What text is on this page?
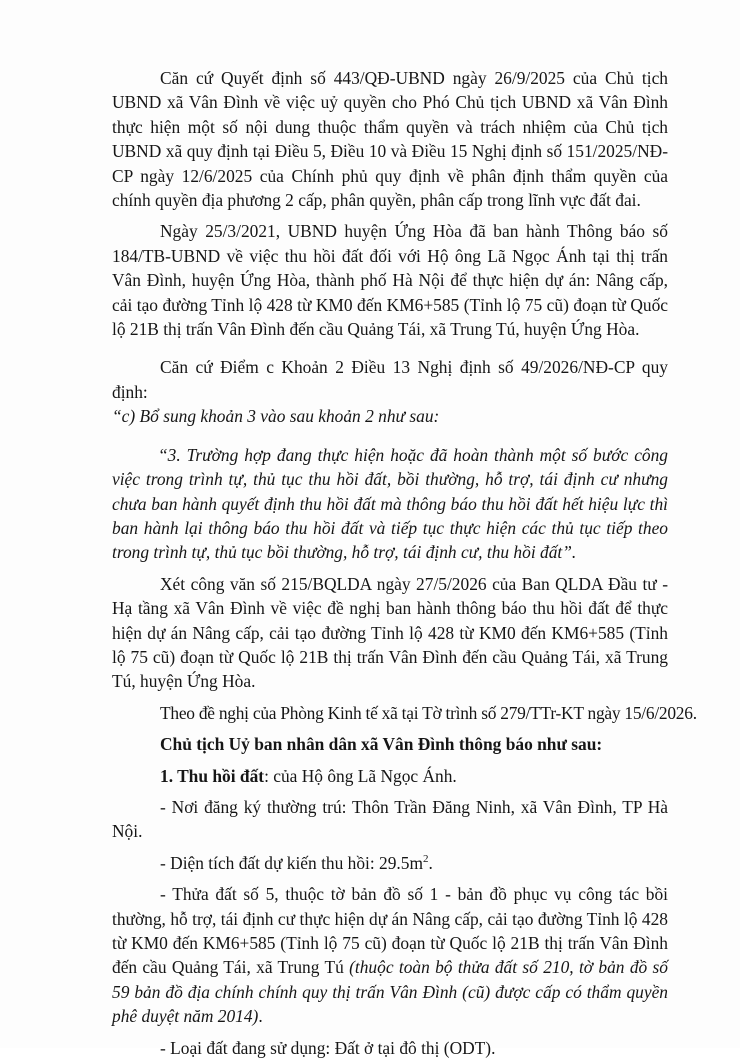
Căn cứ Quyết định số 443/QĐ-UBND ngày 26/9/2025 của Chủ tịch UBND xã Vân Đình về việc uỷ quyền cho Phó Chủ tịch UBND xã Vân Đình thực hiện một số nội dung thuộc thẩm quyền và trách nhiệm của Chủ tịch UBND xã quy định tại Điều 5, Điều 10 và Điều 15 Nghị định số 151/2025/NĐ-CP ngày 12/6/2025 của Chính phủ quy định về phân định thẩm quyền của chính quyền địa phương 2 cấp, phân quyền, phân cấp trong lĩnh vực đất đai.

Ngày 25/3/2021, UBND huyện Ứng Hòa đã ban hành Thông báo số 184/TB-UBND về việc thu hồi đất đối với Hộ ông Lã Ngọc Ánh tại thị trấn Vân Đình, huyện Ứng Hòa, thành phố Hà Nội để thực hiện dự án: Nâng cấp, cải tạo đường Tỉnh lộ 428 từ KM0 đến KM6+585 (Tỉnh lộ 75 cũ) đoạn từ Quốc lộ 21B thị trấn Vân Đình đến cầu Quảng Tái, xã Trung Tú, huyện Ứng Hòa.

Căn cứ Điểm c Khoản 2 Điều 13 Nghị định số 49/2026/NĐ-CP quy định:

“c) Bổ sung khoản 3 vào sau khoản 2 như sau:

“3. Trường hợp đang thực hiện hoặc đã hoàn thành một số bước công việc trong trình tự, thủ tục thu hồi đất, bồi thường, hỗ trợ, tái định cư nhưng chưa ban hành quyết định thu hồi đất mà thông báo thu hồi đất hết hiệu lực thì ban hành lại thông báo thu hồi đất và tiếp tục thực hiện các thủ tục tiếp theo trong trình tự, thủ tục bồi thường, hỗ trợ, tái định cư, thu hồi đất”.

Xét công văn số 215/BQLDA ngày 27/5/2026 của Ban QLDA Đầu tư - Hạ tầng xã Vân Đình về việc đề nghị ban hành thông báo thu hồi đất để thực hiện dự án Nâng cấp, cải tạo đường Tỉnh lộ 428 từ KM0 đến KM6+585 (Tỉnh lộ 75 cũ) đoạn từ Quốc lộ 21B thị trấn Vân Đình đến cầu Quảng Tái, xã Trung Tú, huyện Ứng Hòa.

Theo đề nghị của Phòng Kinh tế xã tại Tờ trình số 279/TTr-KT ngày 15/6/2026.

Chủ tịch Uỷ ban nhân dân xã Vân Đình thông báo như sau:

1. Thu hồi đất: của Hộ ông Lã Ngọc Ánh.

- Nơi đăng ký thường trú: Thôn Trần Đăng Ninh, xã Vân Đình, TP Hà Nội.

- Diện tích đất dự kiến thu hồi: $29.5m^2$.

- Thửa đất số 5, thuộc tờ bản đồ số 1 - bản đồ phục vụ công tác bồi thường, hỗ trợ, tái định cư thực hiện dự án Nâng cấp, cải tạo đường Tỉnh lộ 428 từ KM0 đến KM6+585 (Tỉnh lộ 75 cũ) đoạn từ Quốc lộ 21B thị trấn Vân Đình đến cầu Quảng Tái, xã Trung Tú (thuộc toàn bộ thửa đất số 210, tờ bản đồ số 59 bản đồ địa chính chính quy thị trấn Vân Đình (cũ) được cấp có thẩm quyền phê duyệt năm 2014).

- Loại đất đang sử dụng: Đất ở tại đô thị (ODT).
